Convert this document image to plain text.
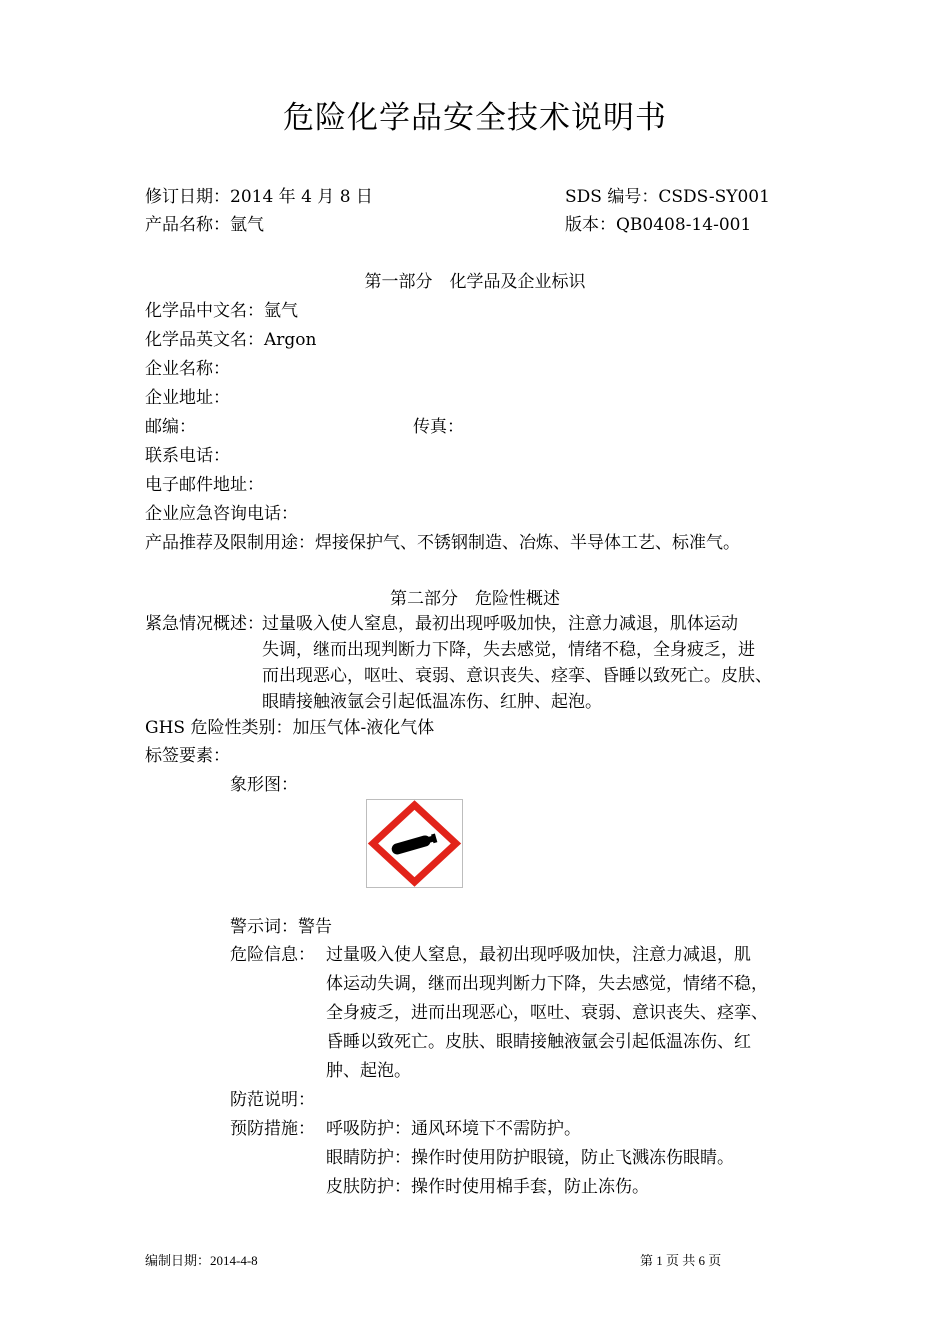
危险化学品安全技术说明书
修订日期：2014 年 4 月 8 日	SDS 编号：CSDS-SY001
产品名称：氩气	版本：QB0408-14-001
第一部分　化学品及企业标识
化学品中文名：氩气
化学品英文名：Argon
企业名称：
企业地址：
邮编：	传真：
联系电话：
电子邮件地址：
企业应急咨询电话：
产品推荐及限制用途：焊接保护气、不锈钢制造、冶炼、半导体工艺、标准气。
第二部分　危险性概述
紧急情况概述：
过量吸入使人窒息，最初出现呼吸加快，注意力减退，肌体运动
失调，继而出现判断力下降，失去感觉，情绪不稳，全身疲乏，进
而出现恶心，呕吐、衰弱、意识丧失、痉挛、昏睡以致死亡。皮肤、
眼睛接触液氩会引起低温冻伤、红肿、起泡。
GHS 危险性类别：加压气体-液化气体
标签要素：
象形图：
警示词：警告
危险信息： 过量吸入使人窒息，最初出现呼吸加快，注意力减退，肌
体运动失调，继而出现判断力下降，失去感觉，情绪不稳，
全身疲乏，进而出现恶心，呕吐、衰弱、意识丧失、痉挛、
昏睡以致死亡。皮肤、眼睛接触液氩会引起低温冻伤、红
肿、起泡。
防范说明：
预防措施： 呼吸防护：通风环境下不需防护。
眼睛防护：操作时使用防护眼镜，防止飞溅冻伤眼睛。
皮肤防护：操作时使用棉手套，防止冻伤。
编制日期：2014-4-8	第 1 页 共 6 页
